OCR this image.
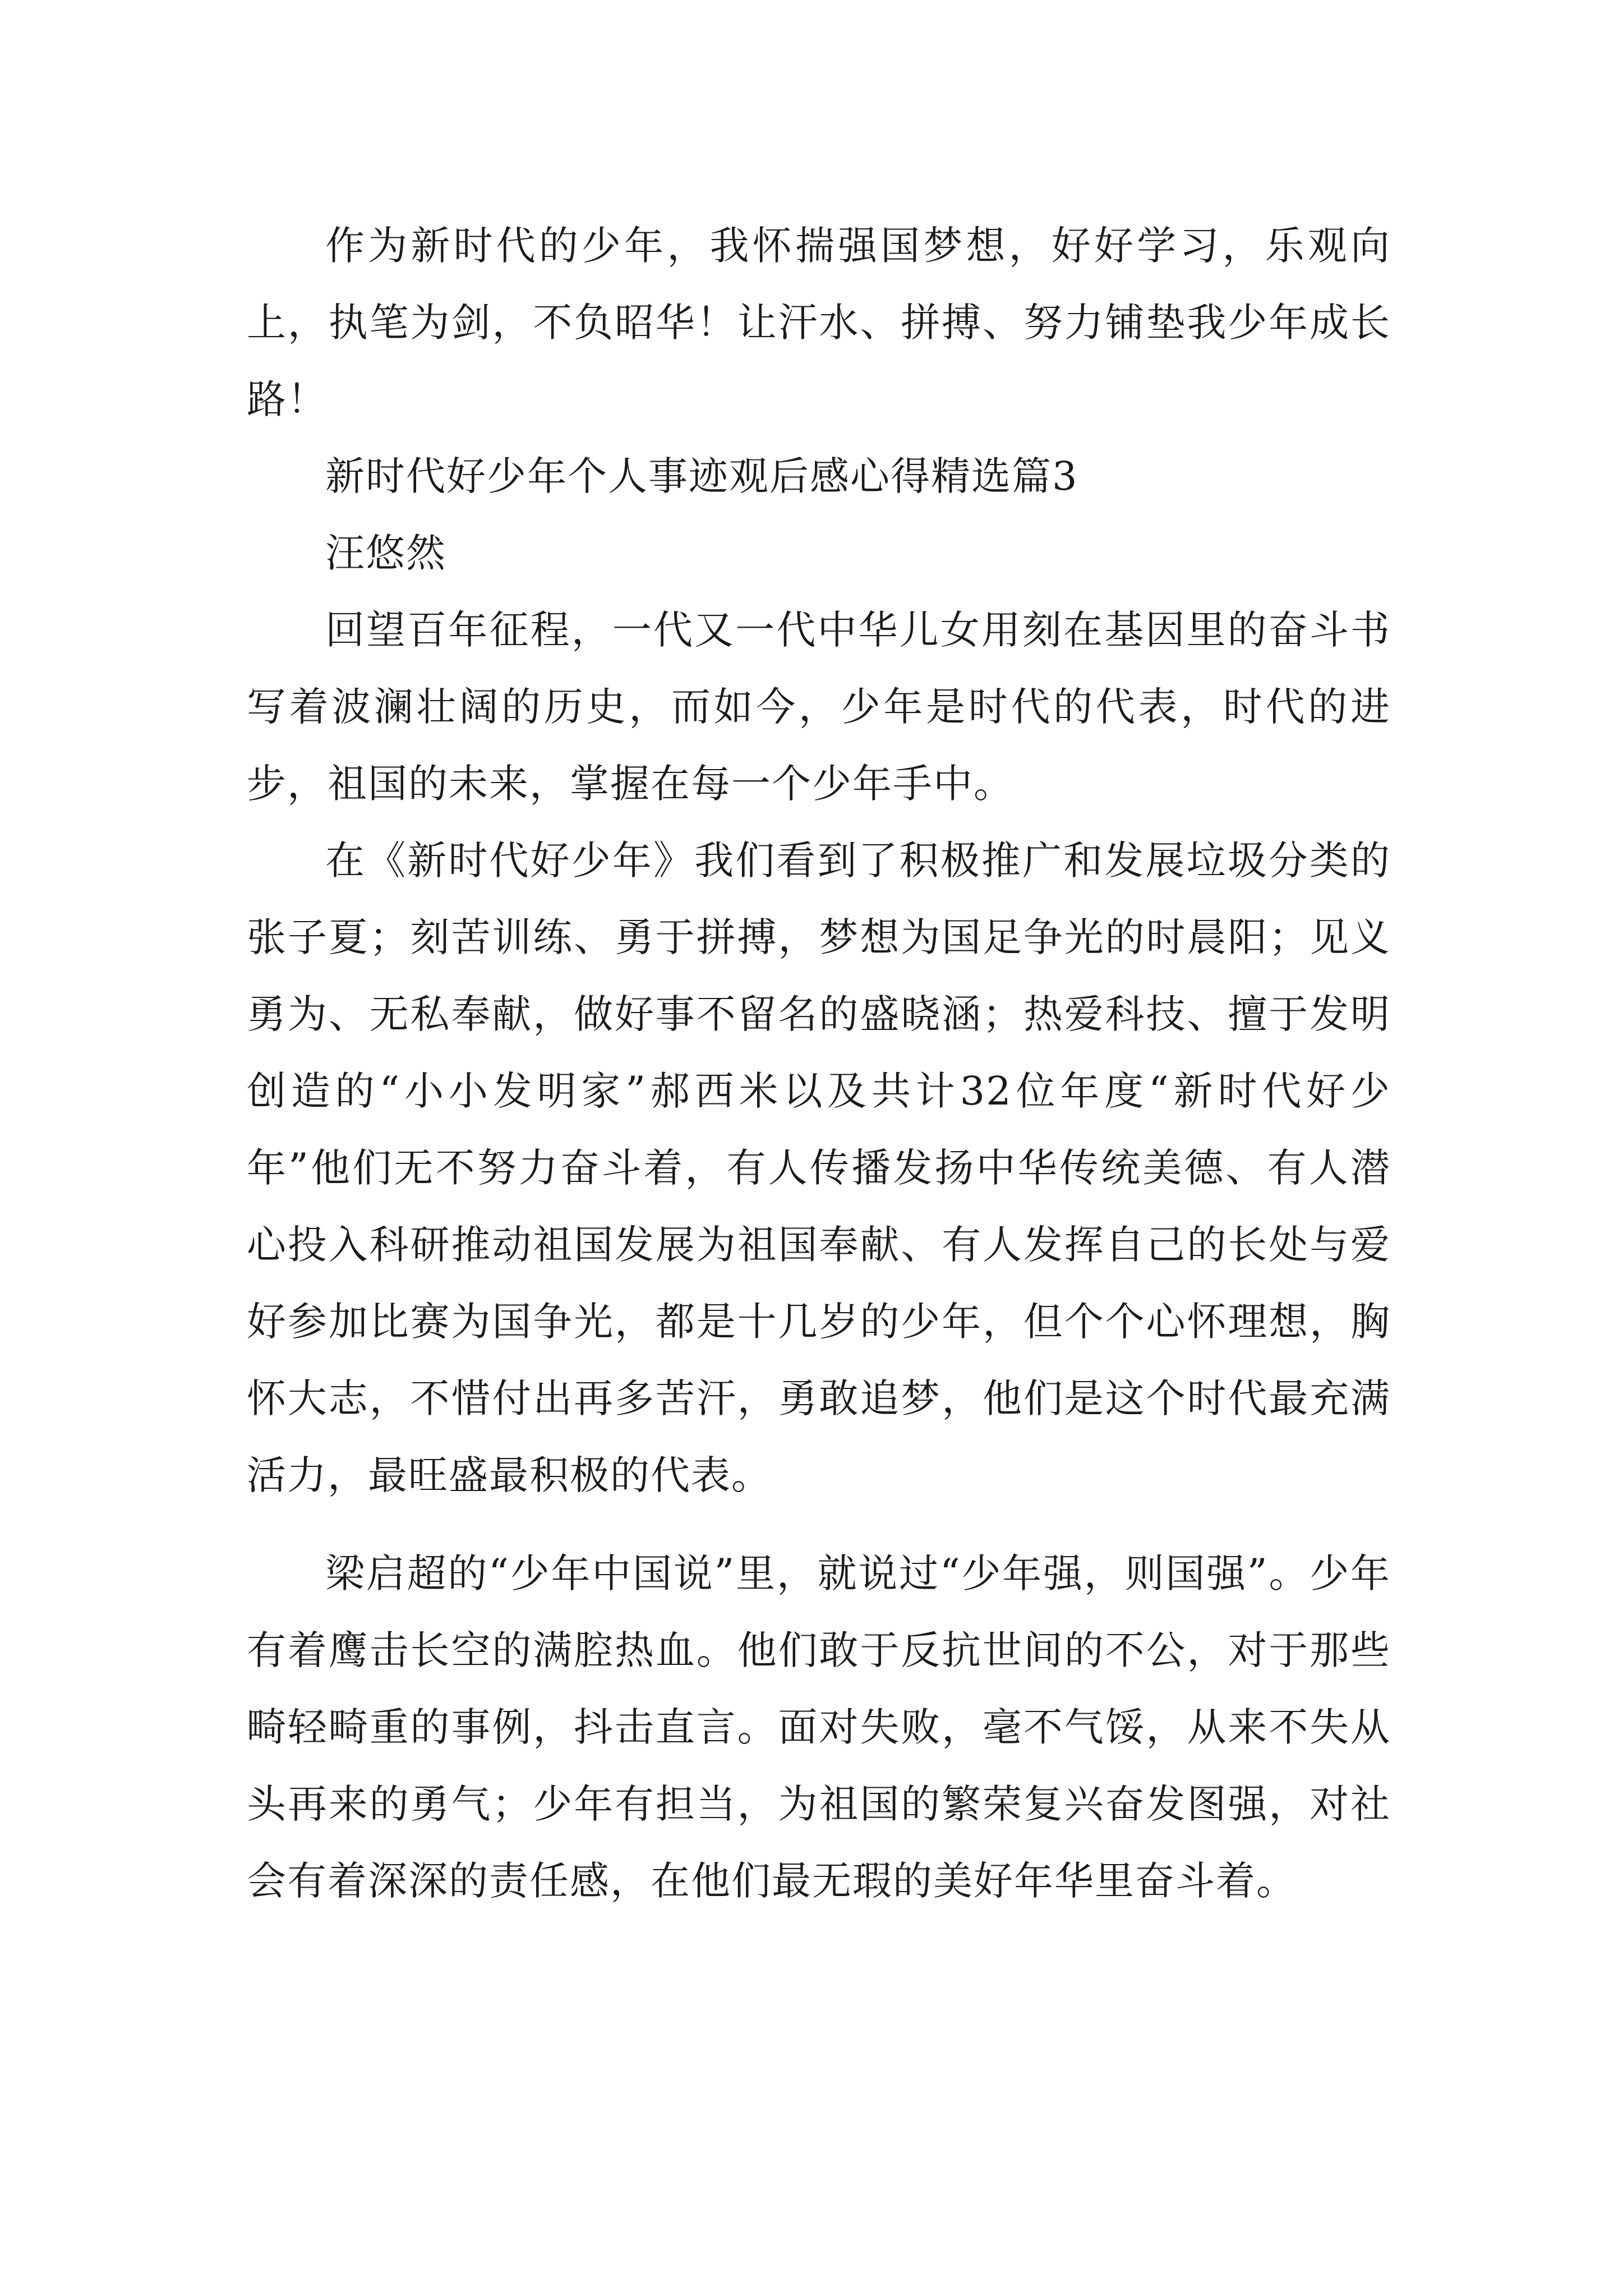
作为新时代的少年，我怀揣强国梦想，好好学习，乐观向上，执笔为剑，不负昭华！让汗水、拼搏、努力铺垫我少年成长路！

新时代好少年个人事迹观后感心得精选篇3

汪悠然

回望百年征程，一代又一代中华儿女用刻在基因里的奋斗书写着波澜壮阔的历史，而如今，少年是时代的代表，时代的进步，祖国的未来，掌握在每一个少年手中。

在《新时代好少年》我们看到了积极推广和发展垃圾分类的张子夏；刻苦训练、勇于拼搏，梦想为国足争光的时晨阳；见义勇为、无私奉献，做好事不留名的盛晓涵；热爱科技、擅于发明创造的“小小发明家”郝西米以及共计32位年度“新时代好少年”他们无不努力奋斗着，有人传播发扬中华传统美德、有人潜心投入科研推动祖国发展为祖国奉献、有人发挥自己的长处与爱好参加比赛为国争光，都是十几岁的少年，但个个心怀理想，胸怀大志，不惜付出再多苦汗，勇敢追梦，他们是这个时代最充满活力，最旺盛最积极的代表。

梁启超的“少年中国说”里，就说过“少年强，则国强”。少年有着鹰击长空的满腔热血。他们敢于反抗世间的不公，对于那些畸轻畸重的事例，抖击直言。面对失败，毫不气馁，从来不失从头再来的勇气；少年有担当，为祖国的繁荣复兴奋发图强，对社会有着深深的责任感，在他们最无瑕的美好年华里奋斗着。
